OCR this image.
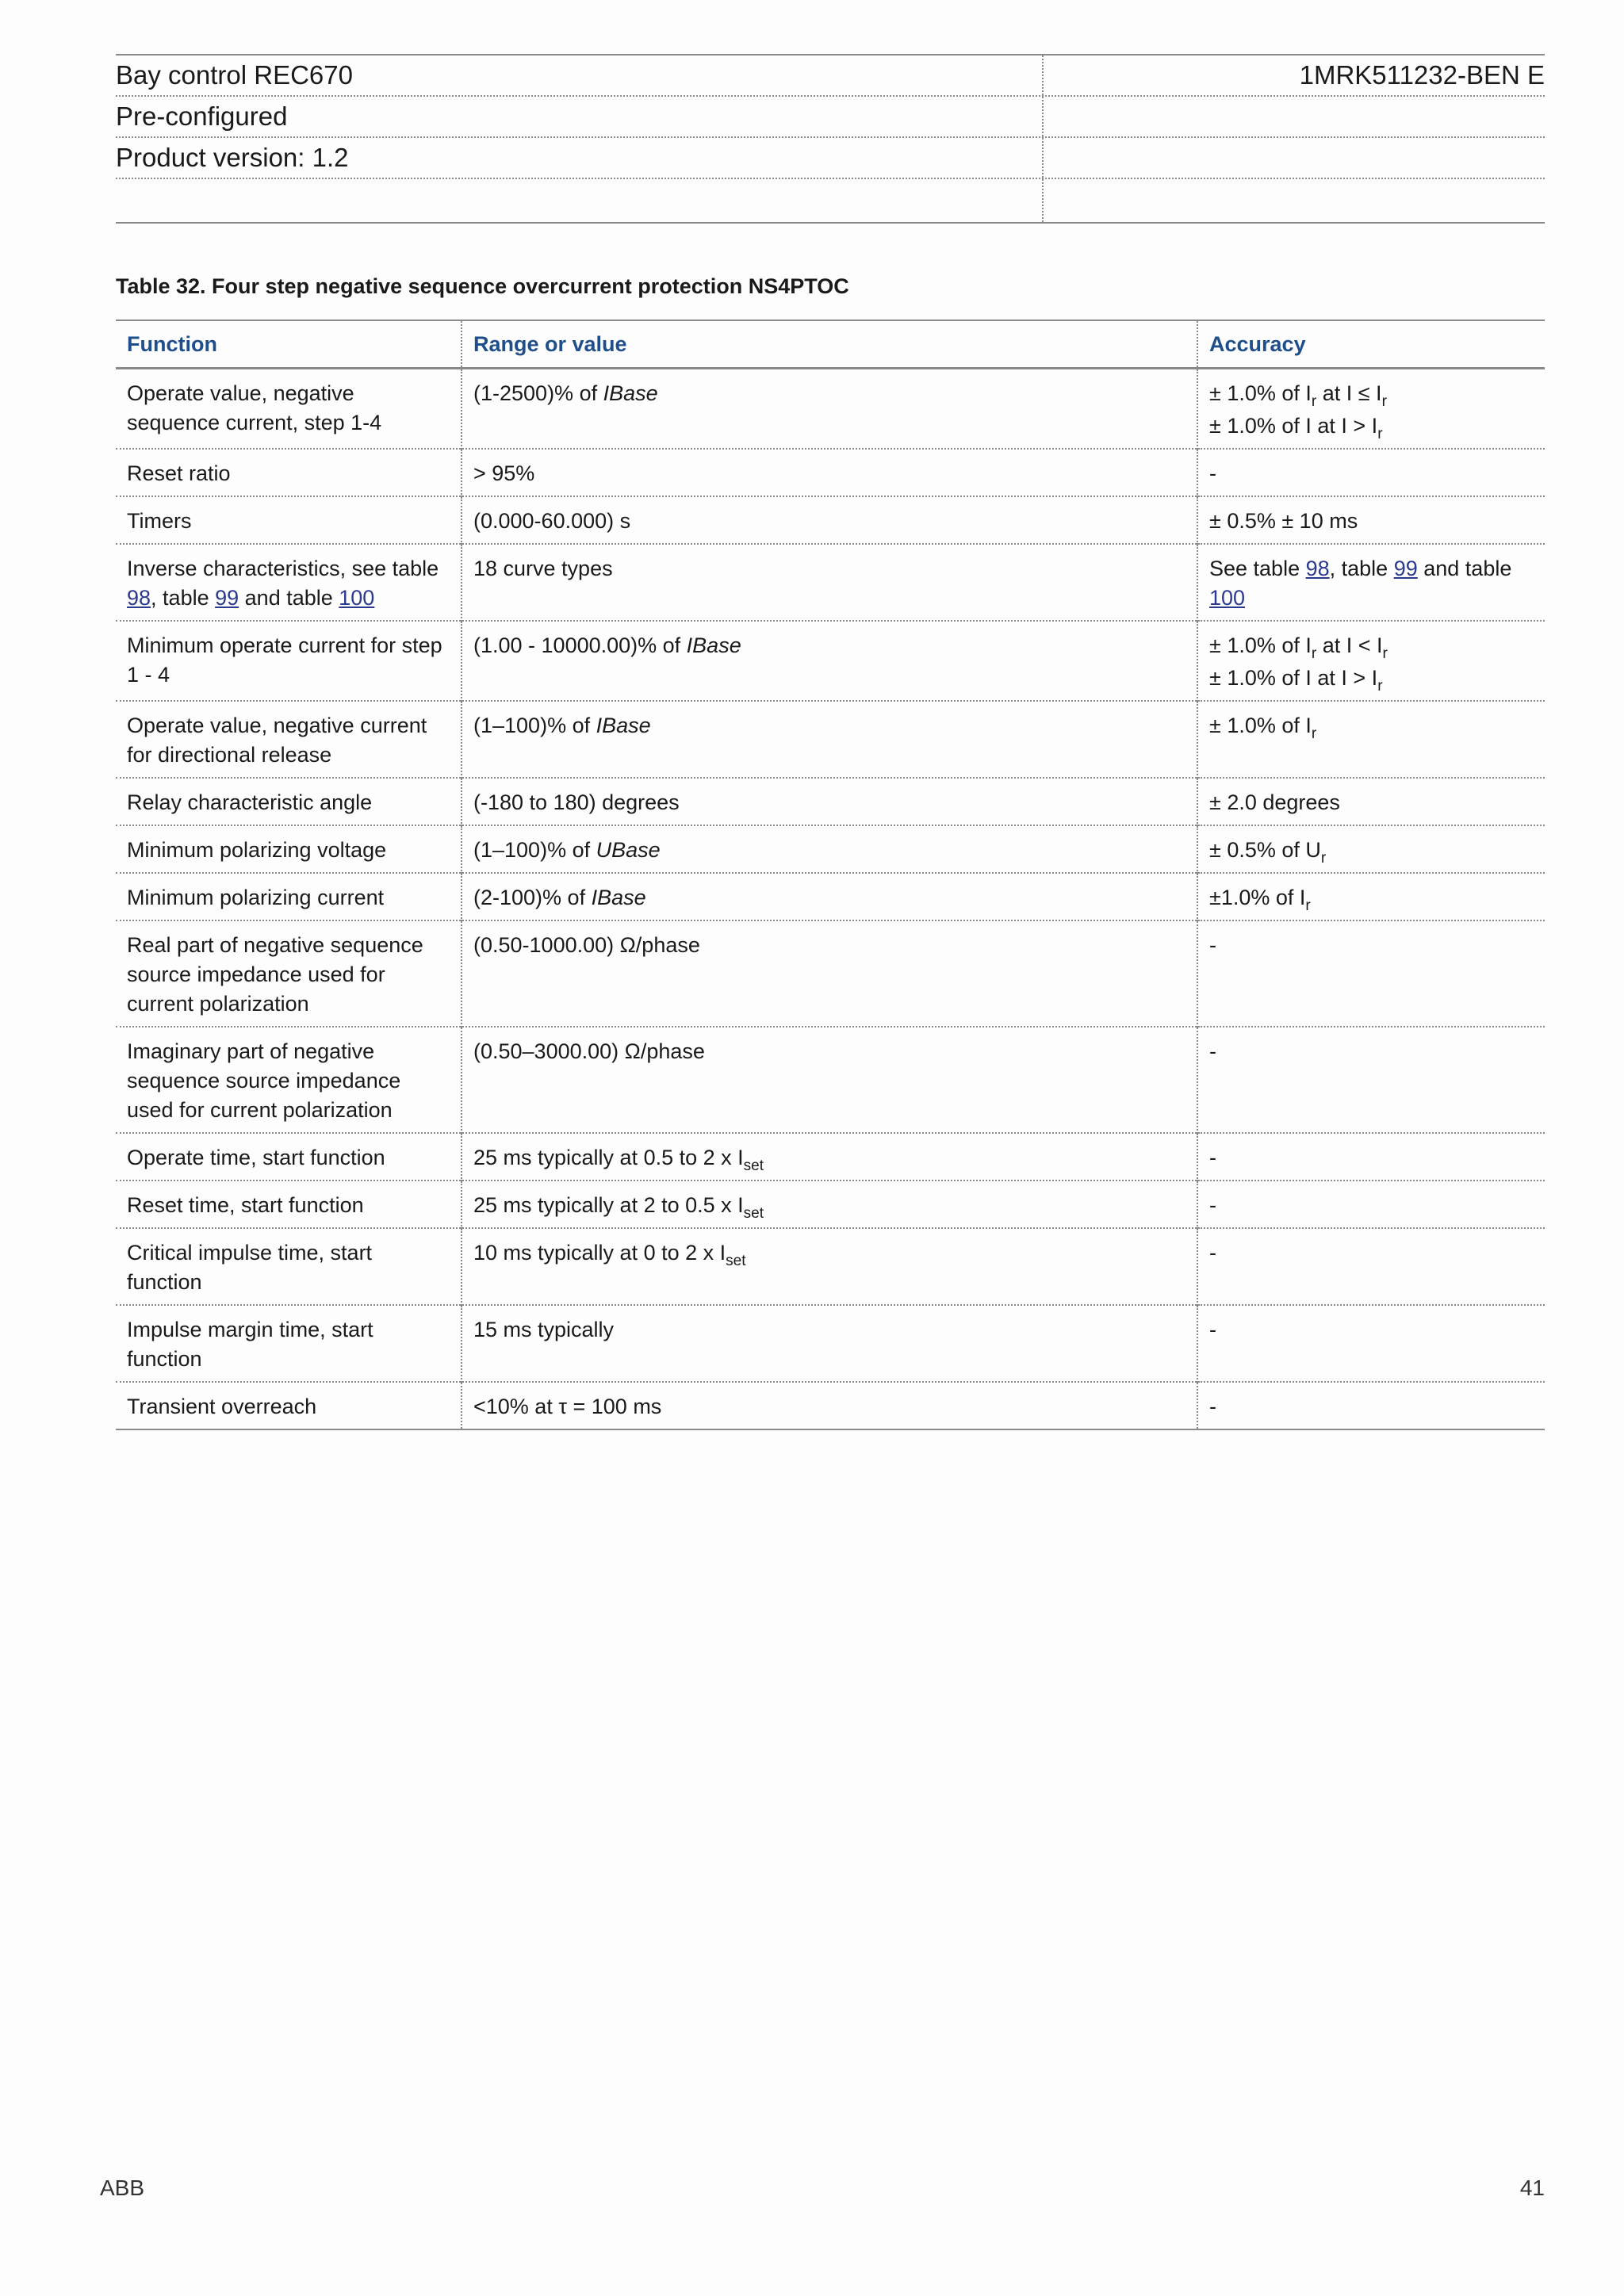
Bay control REC670	1MRK511232-BEN E
Pre-configured
Product version: 1.2
Table 32. Four step negative sequence overcurrent protection NS4PTOC
Function	Range or value	Accuracy
Operate value, negative sequence current, step 1-4	(1-2500)% of IBase	± 1.0% of $I_r$ at $I \le I_r$
± 1.0% of I at $I > I_r$

Reset ratio	> 95%	-

Timers	(0.000-60.000) s	± 0.5% ± 10 ms

Inverse characteristics, see table 98, table 99 and table 100	18 curve types	See table 98, table 99 and table 100

Minimum operate current for step 1 - 4	(1.00 - 10000.00)% of IBase	± 1.0% of $I_r$ at $I < I_r$
± 1.0% of I at $I > I_r$

Operate value, negative current for directional release	(1–100)% of IBase	± 1.0% of $I_r$

Relay characteristic angle	(-180 to 180) degrees	± 2.0 degrees

Minimum polarizing voltage	(1–100)% of UBase	± 0.5% of $U_r$

Minimum polarizing current	(2-100)% of IBase	±1.0% of $I_r$

Real part of negative sequence source impedance used for current polarization	(0.50-1000.00) Ω/phase	-

Imaginary part of negative sequence source impedance used for current polarization	(0.50–3000.00) Ω/phase	-

Operate time, start function	25 ms typically at 0.5 to 2 x $I_{set}$	-

Reset time, start function	25 ms typically at 2 to 0.5 x $I_{set}$	-

Critical impulse time, start function	10 ms typically at 0 to 2 x $I_{set}$	-

Impulse margin time, start function	15 ms typically	-

Transient overreach	<10% at τ = 100 ms	-
ABB	41
